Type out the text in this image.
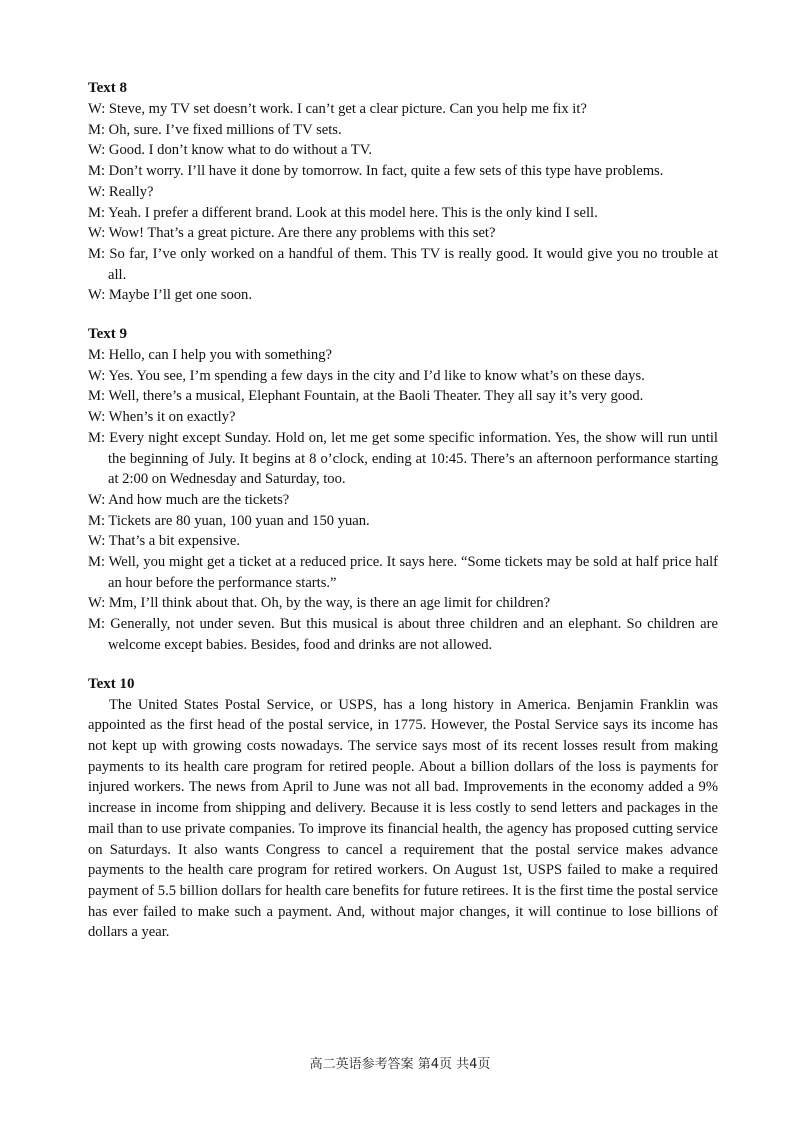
Text 8

W: Steve, my TV set doesn’t work. I can’t get a clear picture. Can you help me fix it?
M: Oh, sure. I’ve fixed millions of TV sets.
W: Good. I don’t know what to do without a TV.
M: Don’t worry. I’ll have it done by tomorrow. In fact, quite a few sets of this type have problems.
W: Really?
M: Yeah. I prefer a different brand. Look at this model here. This is the only kind I sell.
W: Wow! That’s a great picture. Are there any problems with this set?
M: So far, I’ve only worked on a handful of them. This TV is really good. It would give you no trouble at all.
W: Maybe I’ll get one soon.

Text 9

M: Hello, can I help you with something?
W: Yes. You see, I’m spending a few days in the city and I’d like to know what’s on these days.
M: Well, there’s a musical, Elephant Fountain, at the Baoli Theater. They all say it’s very good.
W: When’s it on exactly?
M: Every night except Sunday. Hold on, let me get some specific information. Yes, the show will run until the beginning of July. It begins at 8 o’clock, ending at 10:45. There’s an afternoon performance starting at 2:00 on Wednesday and Saturday, too.
W: And how much are the tickets?
M: Tickets are 80 yuan, 100 yuan and 150 yuan.
W: That’s a bit expensive.
M: Well, you might get a ticket at a reduced price. It says here. “Some tickets may be sold at half price half an hour before the performance starts.”
W: Mm, I’ll think about that. Oh, by the way, is there an age limit for children?
M: Generally, not under seven. But this musical is about three children and an elephant. So children are welcome except babies. Besides, food and drinks are not allowed.

Text 10

The United States Postal Service, or USPS, has a long history in America. Benjamin Franklin was appointed as the first head of the postal service, in 1775. However, the Postal Service says its income has not kept up with growing costs nowadays. The service says most of its recent losses result from making payments to its health care program for retired people. About a billion dollars of the loss is payments for injured workers. The news from April to June was not all bad. Improvements in the economy added a 9% increase in income from shipping and delivery. Because it is less costly to send letters and packages in the mail than to use private companies. To improve its financial health, the agency has proposed cutting service on Saturdays. It also wants Congress to cancel a requirement that the postal service makes advance payments to the health care program for retired workers. On August 1st, USPS failed to make a required payment of 5.5 billion dollars for health care benefits for future retirees. It is the first time the postal service has ever failed to make such a payment. And, without major changes, it will continue to lose billions of dollars a year.

高二英语参考答案 第4页 共4页
